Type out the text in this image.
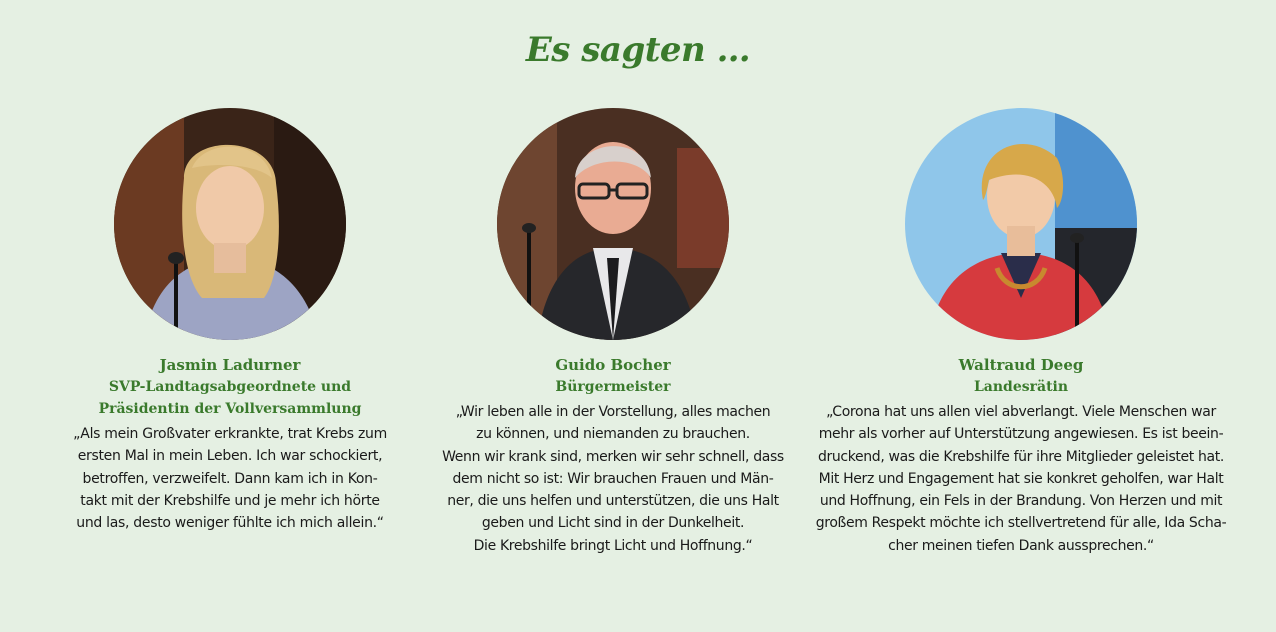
Es sagten …
Jasmin Ladurner
SVP-Landtagsabgeordnete und
Präsidentin der Vollversammlung
„Als mein Großvater erkrankte, trat Krebs zum
ersten Mal in mein Leben. Ich war schockiert,
betroffen, verzweifelt. Dann kam ich in Kon-
takt mit der Krebshilfe und je mehr ich hörte
und las, desto weniger fühlte ich mich allein.“
Guido Bocher
Bürgermeister
„Wir leben alle in der Vorstellung, alles machen
zu können, und niemanden zu brauchen.
Wenn wir krank sind, merken wir sehr schnell, dass
dem nicht so ist: Wir brauchen Frauen und Män-
ner, die uns helfen und unterstützen, die uns Halt
geben und Licht sind in der Dunkelheit.
Die Krebshilfe bringt Licht und Hoffnung.“
Waltraud Deeg
Landesrätin
„Corona hat uns allen viel abverlangt. Viele Menschen war
mehr als vorher auf Unterstützung angewiesen. Es ist beein-
druckend, was die Krebshilfe für ihre Mitglieder geleistet hat.
Mit Herz und Engagement hat sie konkret geholfen, war Halt
und Hoffnung, ein Fels in der Brandung. Von Herzen und mit
großem Respekt möchte ich stellvertretend für alle, Ida Scha-
cher meinen tiefen Dank aussprechen.“
